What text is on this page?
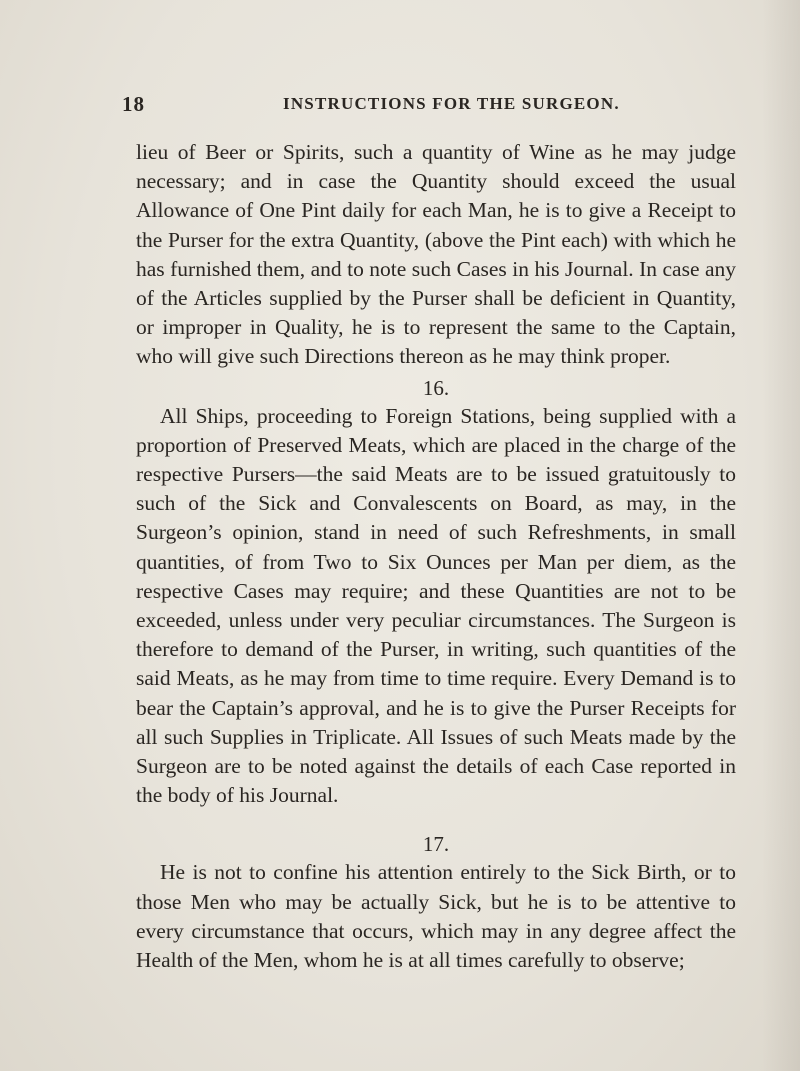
18	INSTRUCTIONS FOR THE SURGEON.

lieu of Beer or Spirits, such a quantity of Wine as he may judge necessary; and in case the Quantity should exceed the usual Allowance of One Pint daily for each Man, he is to give a Receipt to the Purser for the extra Quantity, (above the Pint each) with which he has furnished them, and to note such Cases in his Journal. In case any of the Articles supplied by the Purser shall be deficient in Quantity, or improper in Quality, he is to represent the same to the Captain, who will give such Directions thereon as he may think proper.

16.

All Ships, proceeding to Foreign Stations, being supplied with a proportion of Preserved Meats, which are placed in the charge of the respective Pursers—the said Meats are to be issued gratuitously to such of the Sick and Convalescents on Board, as may, in the Surgeon’s opinion, stand in need of such Refreshments, in small quantities, of from Two to Six Ounces per Man per diem, as the respective Cases may require; and these Quantities are not to be exceeded, unless under very peculiar circumstances. The Surgeon is therefore to demand of the Purser, in writing, such quantities of the said Meats, as he may from time to time require. Every Demand is to bear the Captain’s approval, and he is to give the Purser Receipts for all such Supplies in Triplicate. All Issues of such Meats made by the Surgeon are to be noted against the details of each Case reported in the body of his Journal.

17.

He is not to confine his attention entirely to the Sick Birth, or to those Men who may be actually Sick, but he is to be attentive to every circumstance that occurs, which may in any degree affect the Health of the Men, whom he is at all times carefully to observe;
